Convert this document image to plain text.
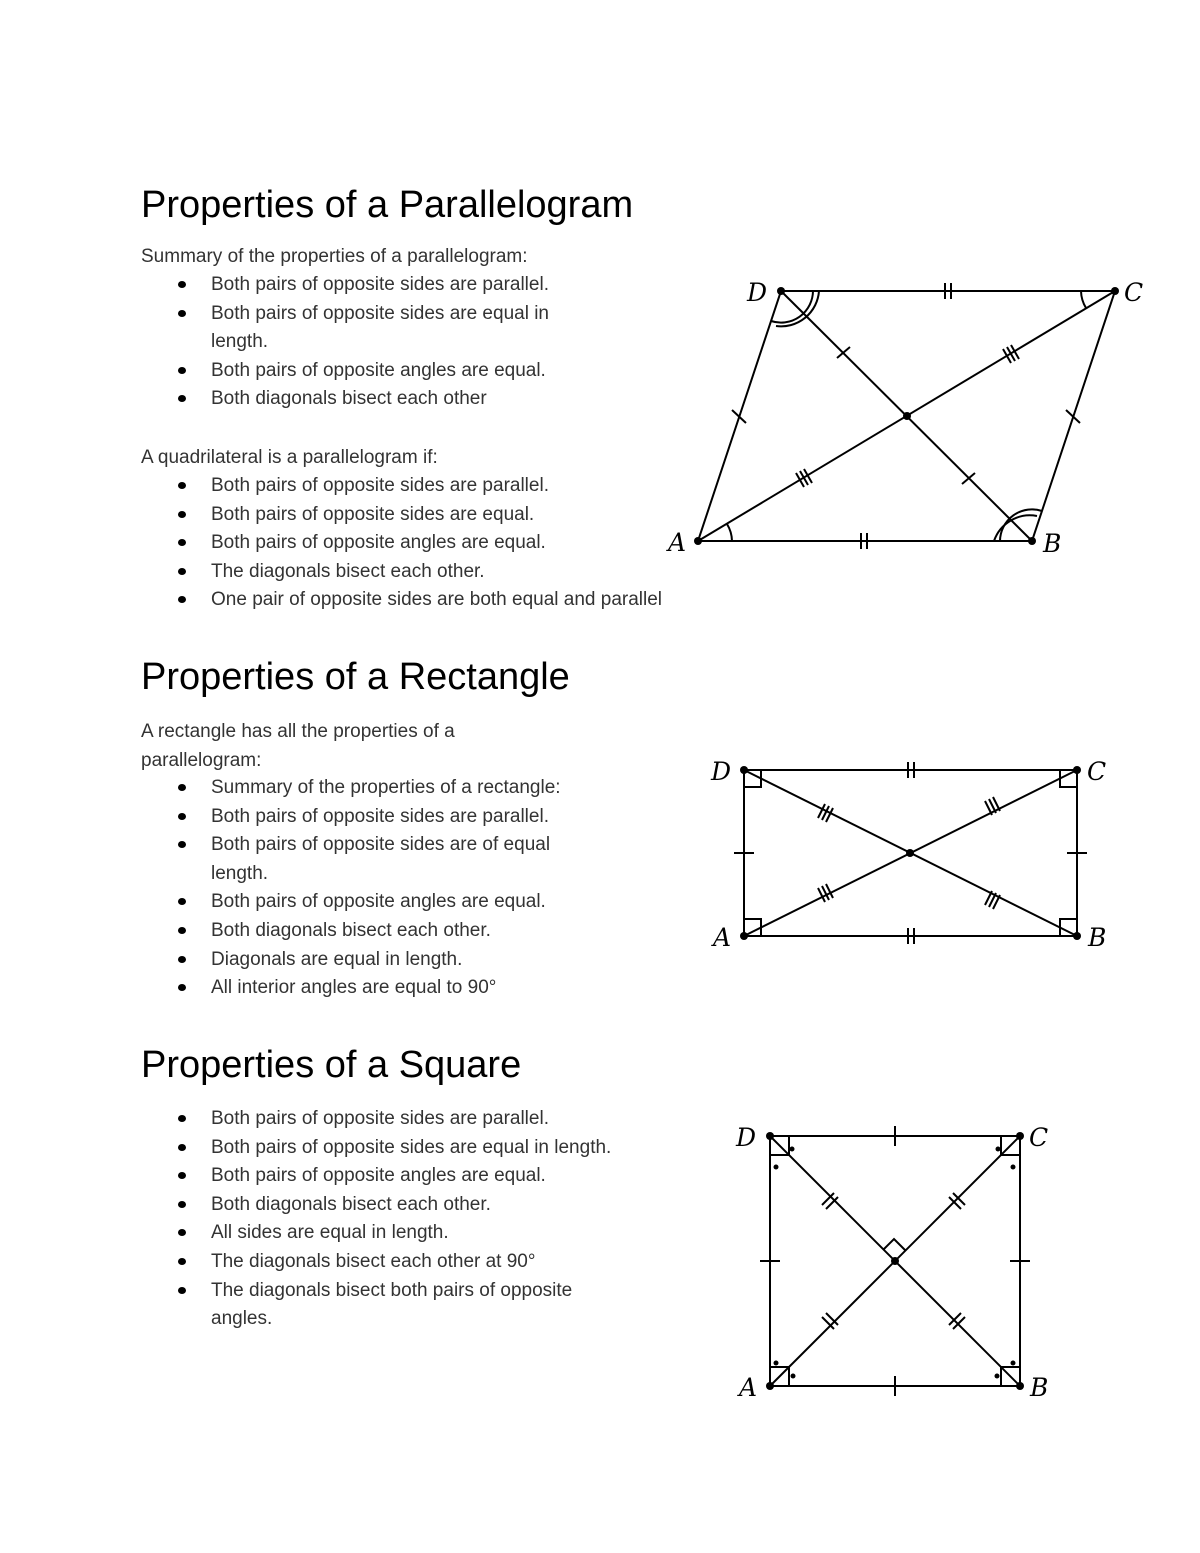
Properties of a Parallelogram

Summary of the properties of a parallelogram:

Both pairs of opposite sides are parallel.
Both pairs of opposite sides are equal in length.
Both pairs of opposite angles are equal.
Both diagonals bisect each other

A quadrilateral is a parallelogram if:

Both pairs of opposite sides are parallel.
Both pairs of opposite sides are equal.
Both pairs of opposite angles are equal.
The diagonals bisect each other.
One pair of opposite sides are both equal and parallel
A	B
C
D
Properties of a Rectangle

A rectangle has all the properties of a parallelogram:

Summary of the properties of a rectangle:
Both pairs of opposite sides are parallel.
Both pairs of opposite sides are of equal length.
Both pairs of opposite angles are equal.
Both diagonals bisect each other.
Diagonals are equal in length.
All interior angles are equal to 90°
A	B
C
D
Properties of a Square
Both pairs of opposite sides are parallel.
Both pairs of opposite sides are equal in length.
Both pairs of opposite angles are equal.
Both diagonals bisect each other.
All sides are equal in length.
The diagonals bisect each other at 90°
The diagonals bisect both pairs of opposite angles.
A	B
C
D
